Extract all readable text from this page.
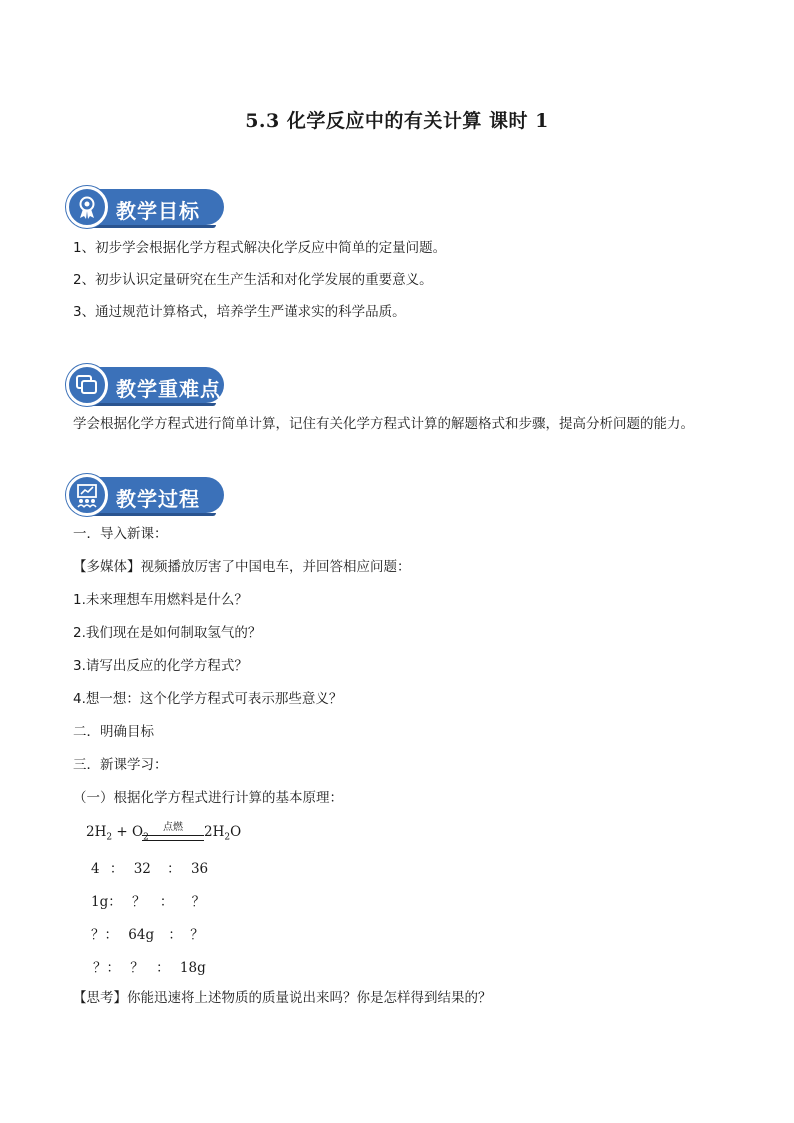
5.3 化学反应中的有关计算 课时 1
教学目标
1、初步学会根据化学方程式解决化学反应中简单的定量问题。
2、初步认识定量研究在生产生活和对化学发展的重要意义。
3、通过规范计算格式，培养学生严谨求实的科学品质。
教学重难点
学会根据化学方程式进行简单计算，记住有关化学方程式计算的解题格式和步骤，提高分析问题的能力。
教学过程
一．导入新课：
【多媒体】视频播放厉害了中国电车，并回答相应问题：
1.未来理想车用燃料是什么？
2.我们现在是如何制取氢气的？
3.请写出反应的化学方程式？
4.想一想：这个化学方程式可表示那些意义？
二．明确目标
三．新课学习：
（一）根据化学方程式进行计算的基本原理：
$2H_2 + O_2$
点燃	$2H_2O$
4 ： 32 ： 36
1g： ？ ： ？
？： 64g ： ？
？： ？ ： 18g
【思考】你能迅速将上述物质的质量说出来吗？你是怎样得到结果的？
